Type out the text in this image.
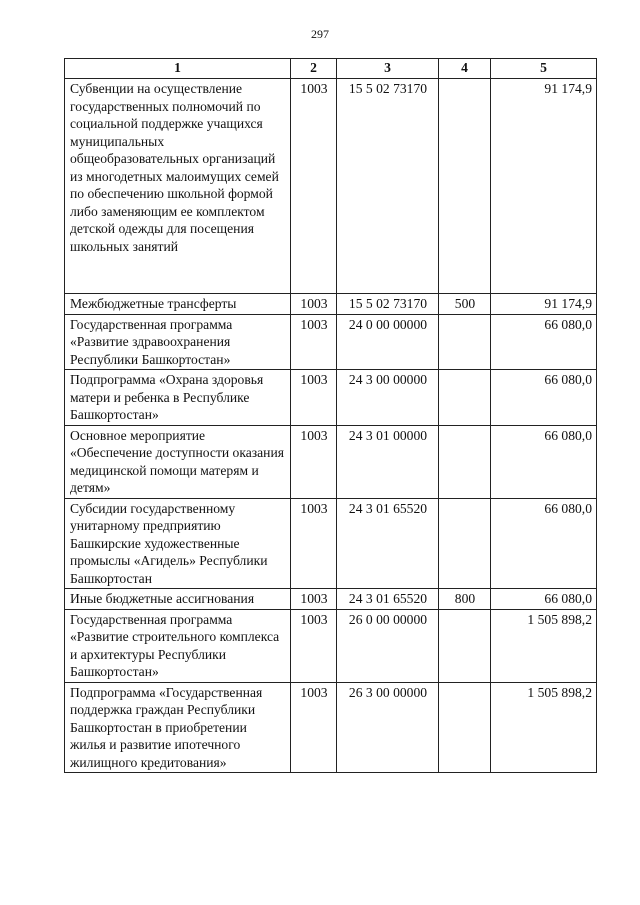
297
1	2	3	4	5
Субвенции на осуществление государственных полномочий по социальной поддержке учащихся муниципальных общеобразовательных организаций из многодетных малоимущих семей по обеспечению школьной формой либо заменяющим ее комплектом детской одежды для посещения школьных занятий	1003	15 5 02 73170		91 174,9
Межбюджетные трансферты	1003	15 5 02 73170	500	91 174,9
Государственная программа «Развитие здравоохранения Республики Башкортостан»	1003	24 0 00 00000		66 080,0
Подпрограмма «Охрана здоровья матери и ребенка в Республике Башкортостан»	1003	24 3 00 00000		66 080,0
Основное мероприятие «Обеспечение доступности оказания медицинской помощи матерям и детям»	1003	24 3 01 00000		66 080,0
Субсидии государственному унитарному предприятию Башкирские художественные промыслы «Агидель» Республики Башкортостан	1003	24 3 01 65520		66 080,0
Иные бюджетные ассигнования	1003	24 3 01 65520	800	66 080,0
Государственная программа «Развитие строительного комплекса и архитектуры Республики Башкортостан»	1003	26 0 00 00000		1 505 898,2
Подпрограмма «Государственная поддержка граждан Республики Башкортостан в приобретении жилья и развитие ипотечного жилищного кредитования»	1003	26 3 00 00000		1 505 898,2
